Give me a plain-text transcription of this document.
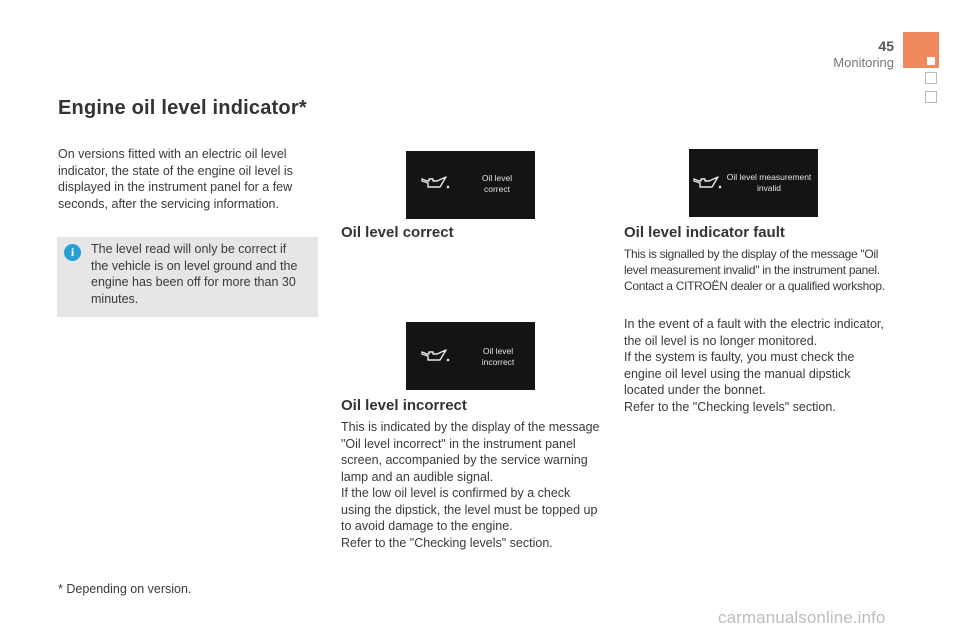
45
Monitoring
Engine oil level indicator*
On versions fitted with an electric oil level indicator, the state of the engine oil level is displayed in the instrument panel for a few seconds, after the servicing information.
i	The level read will only be correct if the vehicle is on level ground and the engine has been off for more than 30 minutes.
Oil level
correct
Oil level
incorrect
Oil level measurement
invalid
Oil level correct
Oil level incorrect
This is indicated by the display of the message "Oil level incorrect" in the instrument panel screen, accompanied by the service warning lamp and an audible signal.
If the low oil level is confirmed by a check using the dipstick, the level must be topped up to avoid damage to the engine.
Refer to the "Checking levels" section.
Oil level indicator fault
This is signalled by the display of the message "Oil level measurement invalid" in the instrument panel. Contact a CITROËN dealer or a qualified workshop.
In the event of a fault with the electric indicator, the oil level is no longer monitored.
If the system is faulty, you must check the engine oil level using the manual dipstick located under the bonnet.
Refer to the "Checking levels" section.
* Depending on version.
carmanualsonline.info
